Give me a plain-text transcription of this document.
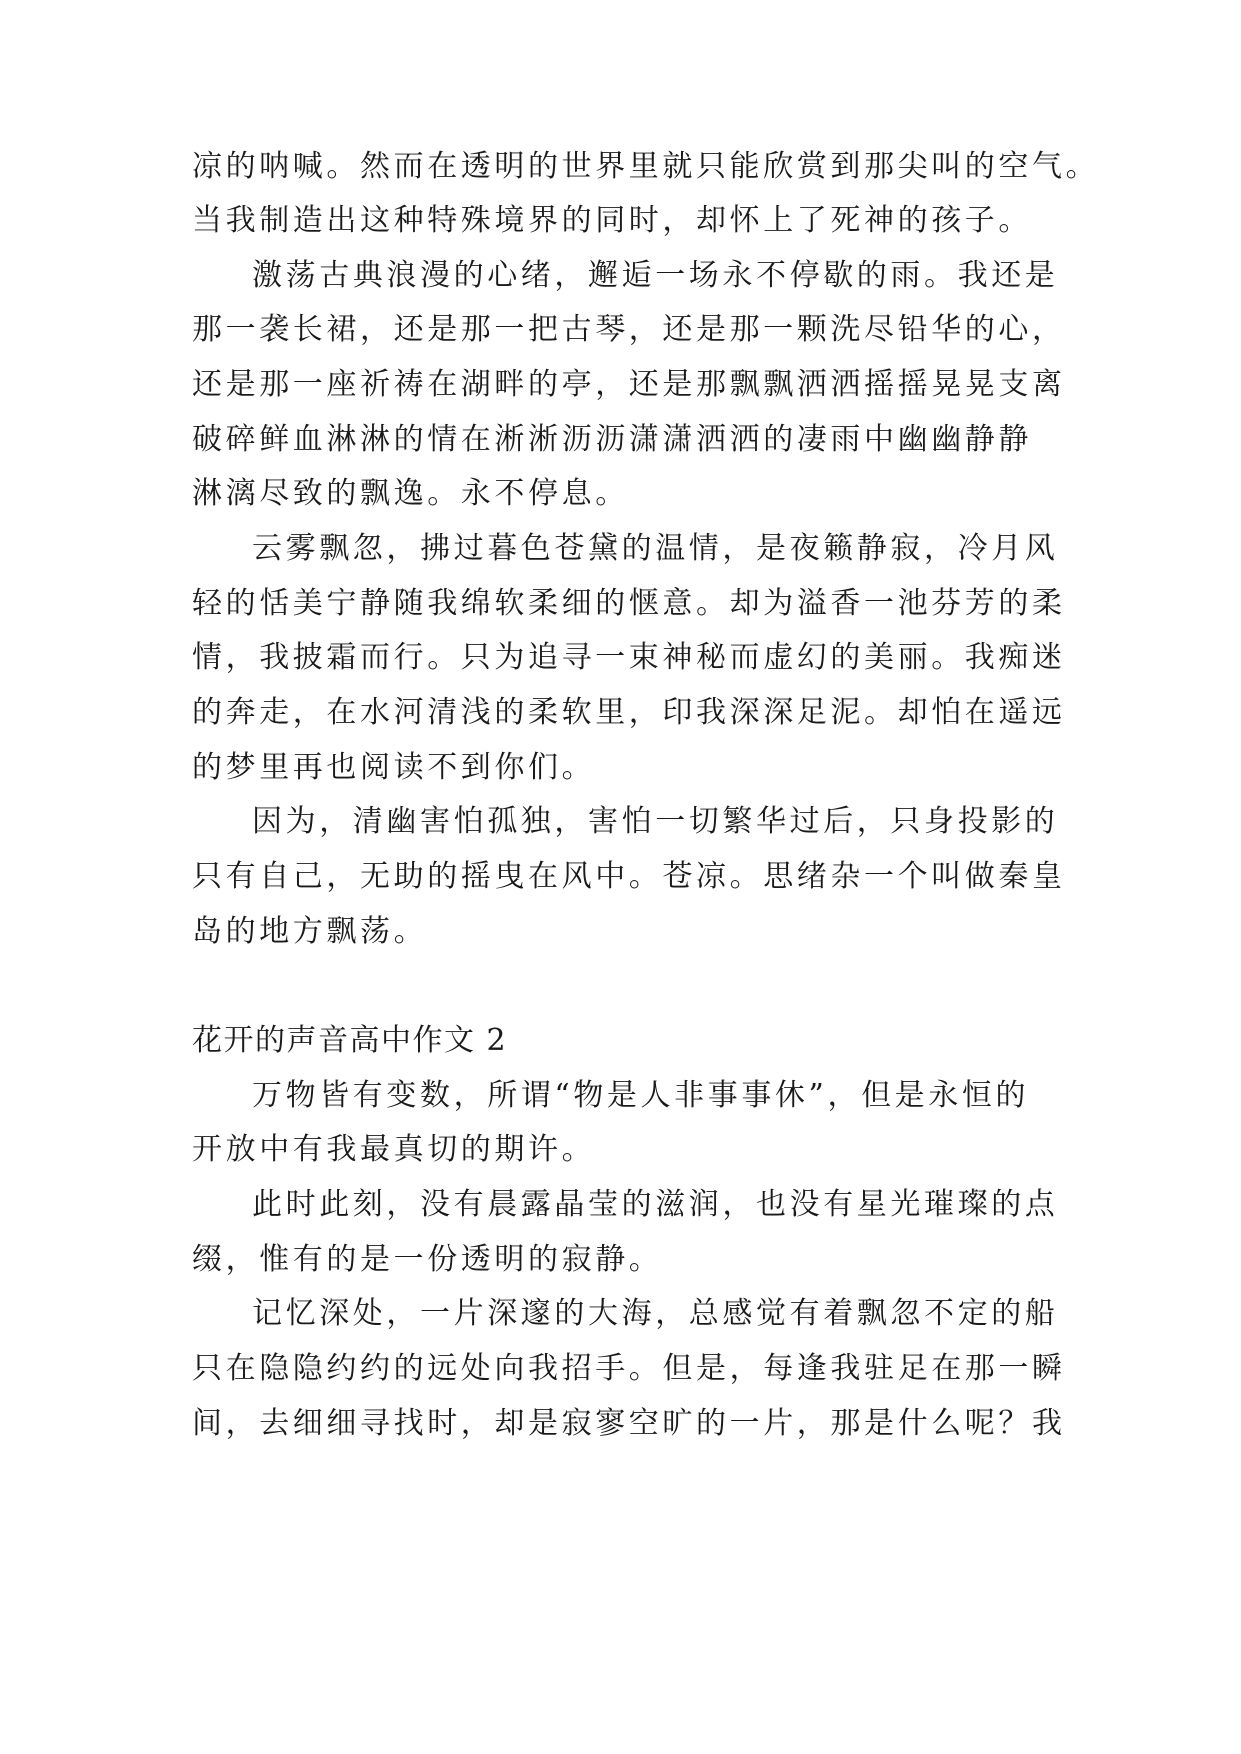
凉的呐喊。然而在透明的世界里就只能欣赏到那尖叫的空气。
当我制造出这种特殊境界的同时，却怀上了死神的孩子。
激荡古典浪漫的心绪，邂逅一场永不停歇的雨。我还是
那一袭长裙，还是那一把古琴，还是那一颗洗尽铅华的心，
还是那一座祈祷在湖畔的亭，还是那飘飘洒洒摇摇晃晃支离
破碎鲜血淋淋的情在淅淅沥沥潇潇洒洒的凄雨中幽幽静静
淋漓尽致的飘逸。永不停息。
云雾飘忽，拂过暮色苍黛的温情，是夜籁静寂，冷月风
轻的恬美宁静随我绵软柔细的惬意。却为溢香一池芬芳的柔
情，我披霜而行。只为追寻一束神秘而虚幻的美丽。我痴迷
的奔走，在水河清浅的柔软里，印我深深足泥。却怕在遥远
的梦里再也阅读不到你们。
因为，清幽害怕孤独，害怕一切繁华过后，只身投影的
只有自己，无助的摇曳在风中。苍凉。思绪杂一个叫做秦皇
岛的地方飘荡。
花开的声音高中作文 2
万物皆有变数，所谓“物是人非事事休”，但是永恒的
开放中有我最真切的期许。
此时此刻，没有晨露晶莹的滋润，也没有星光璀璨的点
缀，惟有的是一份透明的寂静。
记忆深处，一片深邃的大海，总感觉有着飘忽不定的船
只在隐隐约约的远处向我招手。但是，每逢我驻足在那一瞬
间，去细细寻找时，却是寂寥空旷的一片，那是什么呢？我
